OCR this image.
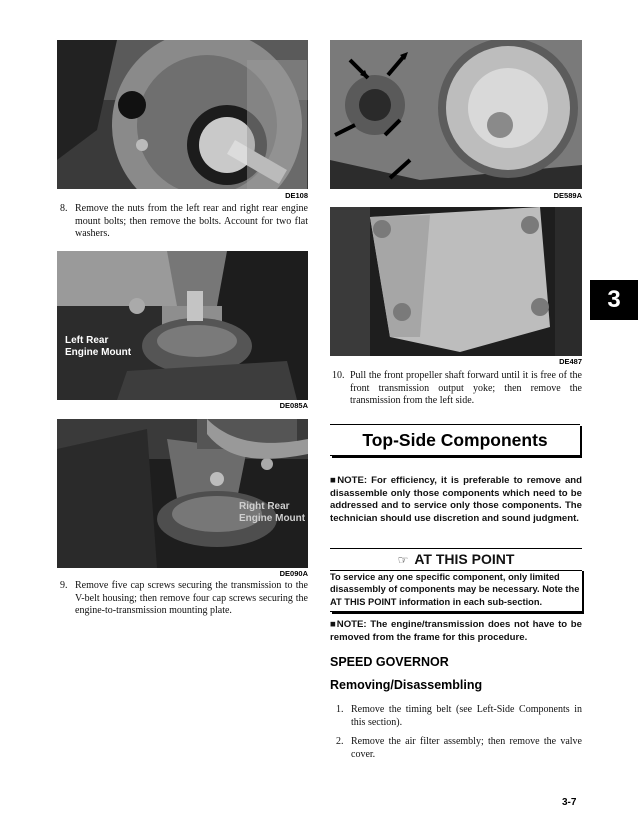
DE108
8. Remove the nuts from the left rear and right rear engine mount bolts; then remove the bolts. Account for two flat washers.
Left Rear
Engine Mount
DE085A
Right Rear
Engine Mount
DE090A
9. Remove five cap screws securing the transmission to the V-belt housing; then remove four cap screws securing the engine-to-transmission mounting plate.
DE589A
DE487
10. Pull the front propeller shaft forward until it is free of the front transmission output yoke; then remove the transmission from the left side.
Top-Side Components
■NOTE: For efficiency, it is preferable to remove and disassemble only those components which need to be addressed and to service only those components. The technician should use discretion and sound judgment.
☞ AT THIS POINT
To service any one specific component, only limited disassembly of components may be necessary. Note the AT THIS POINT information in each sub-section.
■NOTE: The engine/transmission does not have to be removed from the frame for this procedure.
SPEED GOVERNOR
Removing/Disassembling
1. Remove the timing belt (see Left-Side Components in this section).
2. Remove the air filter assembly; then remove the valve cover.
3
3-7
